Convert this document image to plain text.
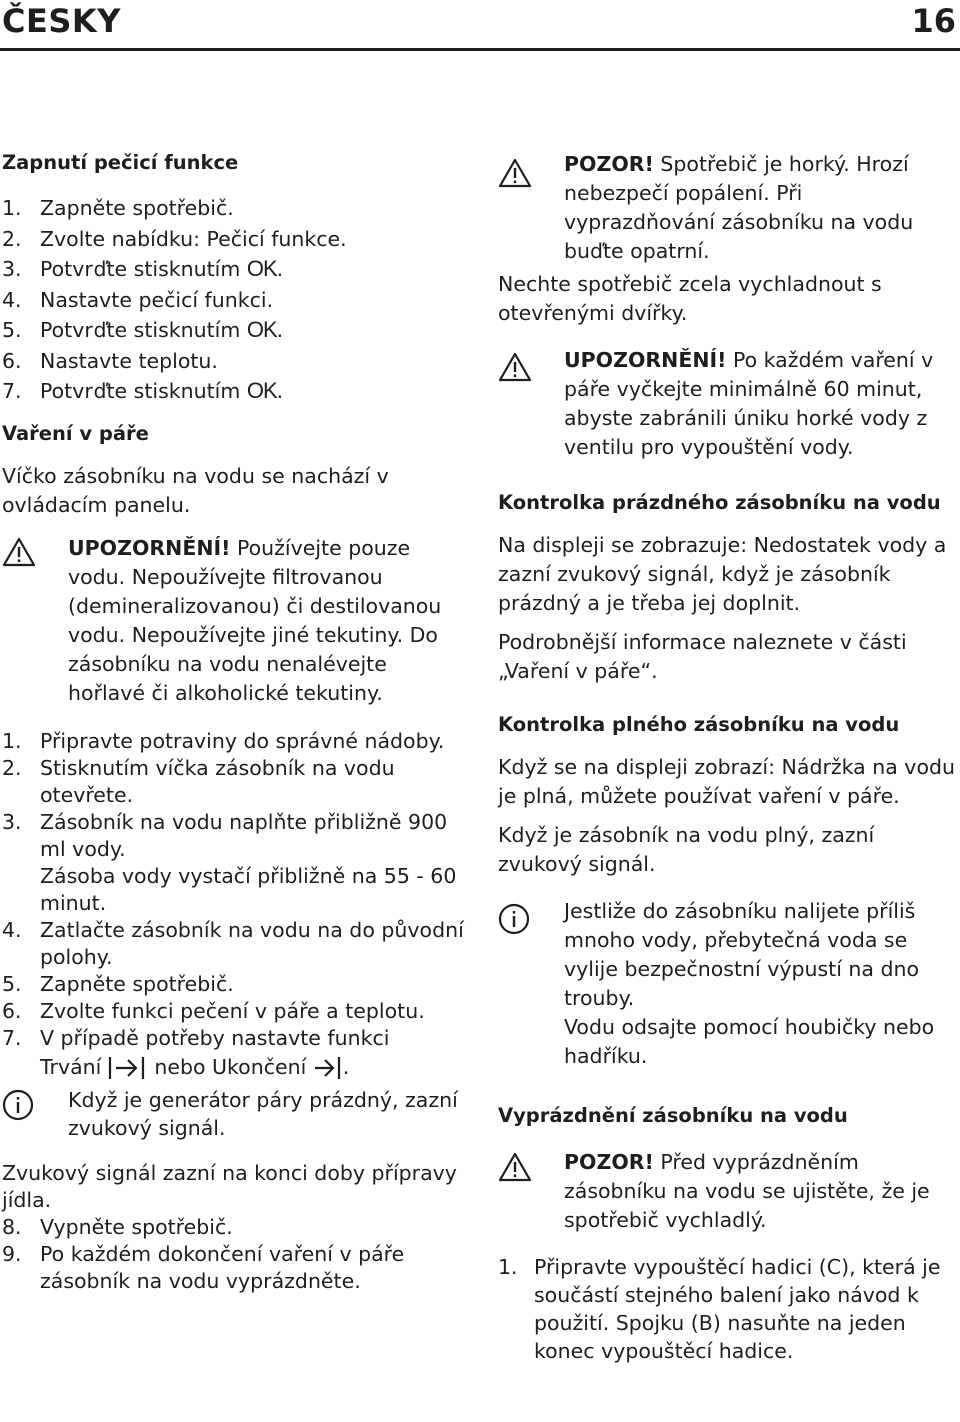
ČESKY	16
Zapnutí pečicí funkce
1. Zapněte spotřebič.
2. Zvolte nabídku: Pečicí funkce.
3. Potvrďte stisknutím OK.
4. Nastavte pečicí funkci.
5. Potvrďte stisknutím OK.
6. Nastavte teplotu.
7. Potvrďte stisknutím OK.
Vaření v páře

Víčko zásobníku na vodu se nachází v ovládacím panelu.

UPOZORNĚNÍ! Používejte pouze vodu. Nepoužívejte filtrovanou (demineralizovanou) či destilovanou vodu. Nepoužívejte jiné tekutiny. Do zásobníku na vodu nenalévejte hořlavé či alkoholické tekutiny.
1. Připravte potraviny do správné nádoby.
2. Stisknutím víčka zásobník na vodu otevřete.
3. Zásobník na vodu naplňte přibližně 900 ml vody.
Zásoba vody vystačí přibližně na 55 - 60 minut.
4. Zatlačte zásobník na vodu na do původní polohy.
5. Zapněte spotřebič.
6. Zvolte funkci pečení v páře a teplotu.
7. V případě potřeby nastavte funkci
Trvání  nebo Ukončení .
Když je generátor páry prázdný, zazní zvukový signál.

Zvukový signál zazní na konci doby přípravy jídla.

8. Vypněte spotřebič.
9. Po každém dokončení vaření v páře zásobník na vodu vyprázdněte.
POZOR! Spotřebič je horký. Hrozí nebezpečí popálení. Při vyprazdňování zásobníku na vodu buďte opatrní.

Nechte spotřebič zcela vychladnout s otevřenými dvířky.

UPOZORNĚNÍ! Po každém vaření v páře vyčkejte minimálně 60 minut, abyste zabránili úniku horké vody z ventilu pro vypouštění vody.
Kontrolka prázdného zásobníku na vodu

Na displeji se zobrazuje: Nedostatek vody a zazní zvukový signál, když je zásobník prázdný a je třeba jej doplnit.

Podrobnější informace naleznete v části „Vaření v páře“.

Kontrolka plného zásobníku na vodu

Když se na displeji zobrazí: Nádržka na vodu je plná, můžete používat vaření v páře.

Když je zásobník na vodu plný, zazní zvukový signál.

Jestliže do zásobníku nalijete příliš mnoho vody, přebytečná voda se vylije bezpečnostní výpustí na dno trouby.

Vodu odsajte pomocí houbičky nebo hadříku.

Vyprázdnění zásobníku na vodu
POZOR! Před vyprázdněním zásobníku na vodu se ujistěte, že je spotřebič vychladlý.
1. Připravte vypouštěcí hadici (C), která je součástí stejného balení jako návod k použití. Spojku (B) nasuňte na jeden konec vypouštěcí hadice.
